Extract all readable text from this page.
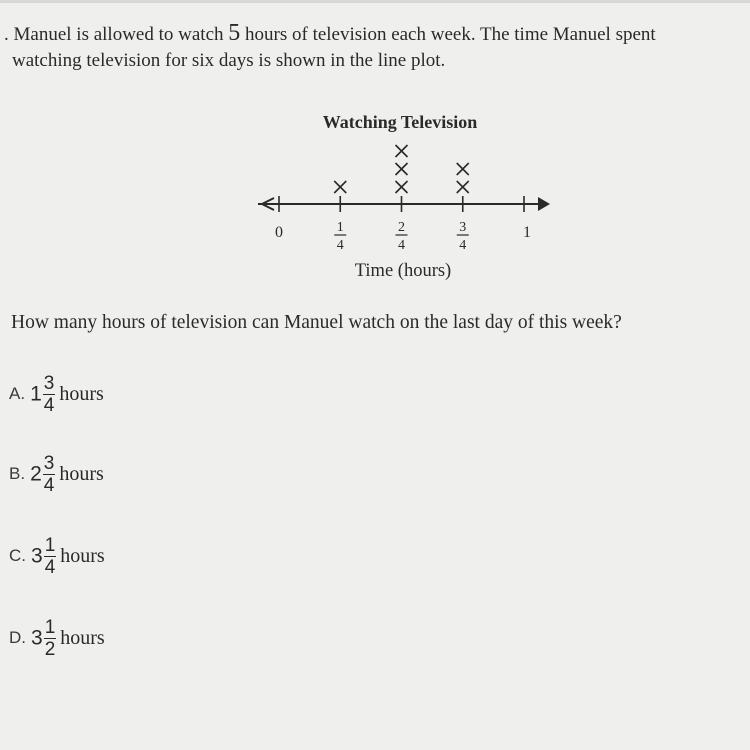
. Manuel is allowed to watch 5 hours of television each week. The time Manuel spent
watching television for six days is shown in the line plot.
Watching Television
0	1
4
2
4
3
4
1
Time (hours)
How many hours of television can Manuel watch on the last day of this week?
A. $1 \frac{3}{4}$ hours
B. $2 \frac{3}{4}$ hours
C. $3 \frac{1}{4}$ hours
D. $3 \frac{1}{2}$ hours
